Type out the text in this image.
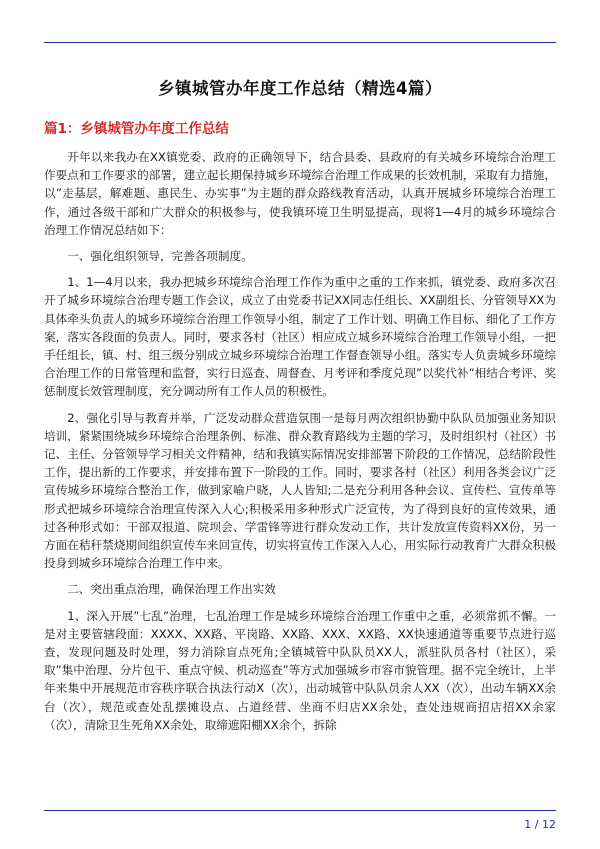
乡镇城管办年度工作总结（精选4篇）
篇1：乡镇城管办年度工作总结

开年以来我办在XX镇党委、政府的正确领导下，结合县委、县政府的有关城乡环境综合治理工作要点和工作要求的部署，建立起长期保持城乡环境综合治理工作成果的长效机制，采取有力措施，以”走基层，解难题、惠民生、办实事”为主题的群众路线教育活动，认真开展城乡环境综合治理工作，通过各级干部和广大群众的积极参与，使我镇环境卫生明显提高，现将1—4月的城乡环境综合治理工作情况总结如下：

一、强化组织领导，完善各项制度。

1、1—4月以来，我办把城乡环境综合治理工作作为重中之重的工作来抓，镇党委、政府多次召开了城乡环境综合治理专题工作会议，成立了由党委书记XX同志任组长、XX副组长、分管领导XX为具体牵头负责人的城乡环境综合治理工作领导小组，制定了工作计划、明确工作目标、细化了工作方案，落实各段面的负责人。同时，要求各村（社区）相应成立城乡环境综合治理工作领导小组，一把手任组长，镇、村、组三级分别成立城乡环境综合治理工作督查领导小组。落实专人负责城乡环境综合治理工作的日常管理和监督，实行日巡查、周督查、月考评和季度兑现”以奖代补”相结合考评、奖惩制度长效管理制度，充分调动所有工作人员的积极性。

2、强化引导与教育并举，广泛发动群众营造氛围一是每月两次组织协勤中队队员加强业务知识培训，紧紧围绕城乡环境综合治理条例、标准、群众教育路线为主题的学习，及时组织村（社区）书记、主任、分管领导学习相关文件精神，结和我镇实际情况安排部署下阶段的工作情况，总结阶段性工作，提出新的工作要求，并安排布置下一阶段的工作。同时，要求各村（社区）利用各类会议广泛宣传城乡环境综合整治工作，做到家喻户晓，人人皆知;二是充分利用各种会议、宣传栏、宣传单等形式把城乡环境综合治理宣传深入人心;积极采用多种形式广泛宣传，为了得到良好的宣传效果，通过各种形式如：干部双报道、院坝会、学雷锋等进行群众发动工作，共计发放宣传资料XX份，另一方面在秸秆禁烧期间组织宣传车来回宣传，切实将宣传工作深入人心，用实际行动教育广大群众积极投身到城乡环境综合治理工作中来。

二、突出重点治理，确保治理工作出实效

1、深入开展”七乱”治理，七乱治理工作是城乡环境综合治理工作重中之重，必须常抓不懈。一是对主要管辖段面：XXXX、XX路、平岗路、XX路、XXX、XX路、XX快速通道等重要节点进行巡查，发现问题及时处理，努力消除盲点死角;全镇城管中队队员XX人，派驻队员各村（社区），采取”集中治理、分片包干、重点守候、机动巡查”等方式加强城乡市容市貌管理。据不完全统计，上半年来集中开展规范市容秩序联合执法行动X（次），出动城管中队队员余人XX（次），出动车辆XX余台（次），规范或查处乱摆摊设点、占道经营、坐商不归店XX余处，查处违规商招店招XX余家（次），清除卫生死角XX余处，取缔遮阳棚XX余个，拆除

1 / 12
